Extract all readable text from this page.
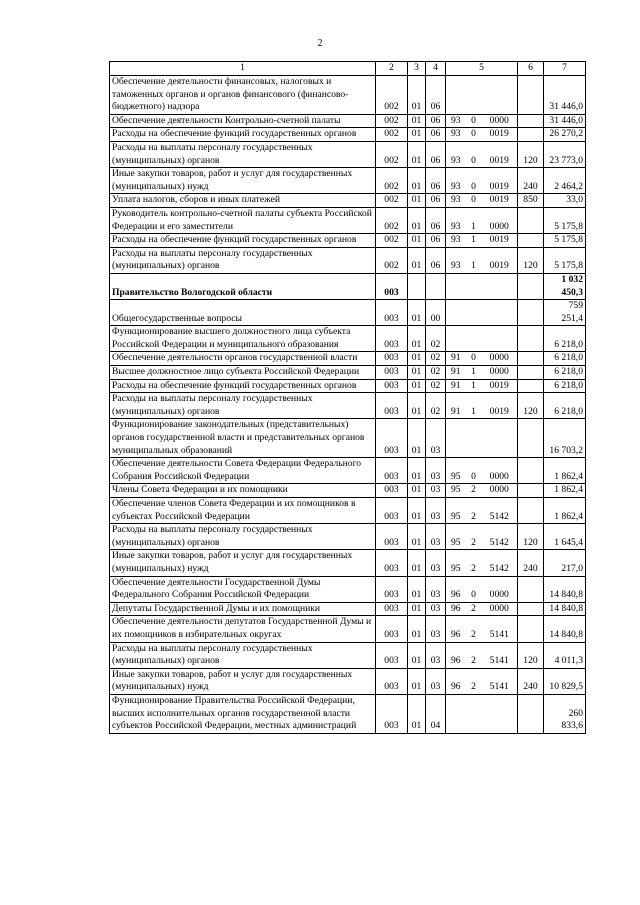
2
1	2	3	4	5			6	7
Обеспечение деятельности финансовых, налоговых и таможенных органов и органов финансового (финансово-бюджетного) надзора	002	01	06					31 446,0
Обеспечение деятельности Контрольно-счетной палаты	002	01	06	93	0	0000		31 446,0
Расходы на обеспечение функций государственных органов	002	01	06	93	0	0019		26 270,2
Расходы на выплаты персоналу государственных (муниципальных) органов	002	01	06	93	0	0019	120	23 773,0
Иные закупки товаров, работ и услуг для государственных (муниципальных) нужд	002	01	06	93	0	0019	240	2 464,2
Уплата налогов, сборов и иных платежей	002	01	06	93	0	0019	850	33,0
Руководитель контрольно-счетной палаты субъекта Российской Федерации и его заместители	002	01	06	93	1	0000		5 175,8
Расходы на обеспечение функций государственных органов	002	01	06	93	1	0019		5 175,8
Расходы на выплаты персоналу государственных (муниципальных) органов	002	01	06	93	1	0019	120	5 175,8
Правительство Вологодской области	003							1 032 450,3
Общегосударственные вопросы	003	01	00					759 251,4
Функционирование высшего должностного лица субъекта Российской Федерации и муниципального образования	003	01	02					6 218,0
Обеспечение деятельности органов государственной власти	003	01	02	91	0	0000		6 218,0
Высшее должностное лицо субъекта Российской Федерации	003	01	02	91	1	0000		6 218,0
Расходы на обеспечение функций государственных органов	003	01	02	91	1	0019		6 218,0
Расходы на выплаты персоналу государственных (муниципальных) органов	003	01	02	91	1	0019	120	6 218,0
Функционирование законодательных (представительных) органов государственной власти и представительных органов муниципальных образований	003	01	03					16 703,2
Обеспечение деятельности Совета Федерации Федерального Собрания Российской Федерации	003	01	03	95	0	0000		1 862,4
Члены Совета Федерации и их помощники	003	01	03	95	2	0000		1 862,4
Обеспечение членов Совета Федерации и их помощников в субъектах Российской Федерации	003	01	03	95	2	5142		1 862,4
Расходы на выплаты персоналу государственных (муниципальных) органов	003	01	03	95	2	5142	120	1 645,4
Иные закупки товаров, работ и услуг для государственных (муниципальных) нужд	003	01	03	95	2	5142	240	217,0
Обеспечение деятельности Государственной Думы Федерального Собрания Российской Федерации	003	01	03	96	0	0000		14 840,8
Депутаты Государственной Думы и их помощники	003	01	03	96	2	0000		14 840,8
Обеспечение деятельности депутатов Государственной Думы и их помощников в избирательных округах	003	01	03	96	2	5141		14 840,8
Расходы на выплаты персоналу государственных (муниципальных) органов	003	01	03	96	2	5141	120	4 011,3
Иные закупки товаров, работ и услуг для государственных (муниципальных) нужд	003	01	03	96	2	5141	240	10 829,5
Функционирование Правительства Российской Федерации, высших исполнительных органов государственной власти субъектов Российской Федерации, местных администраций	003	01	04					260 833,6
